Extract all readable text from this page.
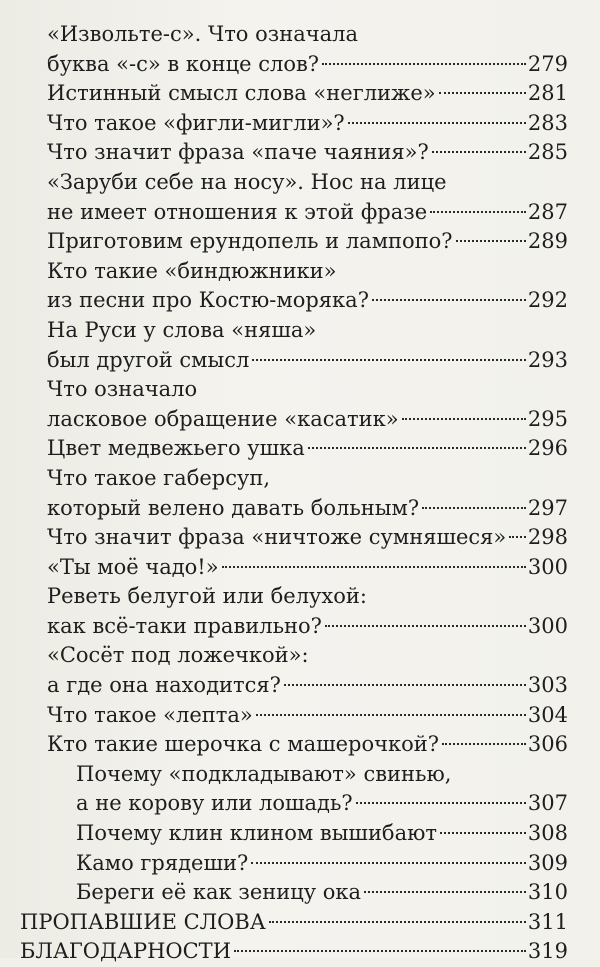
«Извольте-с». Что означала
буква «-с» в конце слов?	279
Истинный смысл слова «неглиже»	281
Что такое «фигли-мигли»?	283
Что значит фраза «паче чаяния»?	285
«Заруби себе на носу». Нос на лице
не имеет отношения к этой фразе	287
Приготовим ерундопель и лампопо?	289
Кто такие «биндюжники»
из песни про Костю-моряка?	292
На Руси у слова «няша»
был другой смысл	293
Что означало
ласковое обращение «касатик»	295
Цвет медвежьего ушка	296
Что такое габерсуп,
который велено давать больным?	297
Что значит фраза «ничтоже сумняшеся» 298
«Ты моё чадо!»	300
Реветь белугой или белухой:
как всё-таки правильно?	300
«Сосёт под ложечкой»:
а где она находится?	303
Что такое «лепта»	304
Кто такие шерочка с машерочкой?	306
Почему «подкладывают» свинью,
а не корову или лошадь?	307
Почему клин клином вышибают	308
Камо грядеши?	309
Береги её как зеницу ока	310
ПРОПАВШИЕ СЛОВА	311
БЛАГОДАРНОСТИ	319
